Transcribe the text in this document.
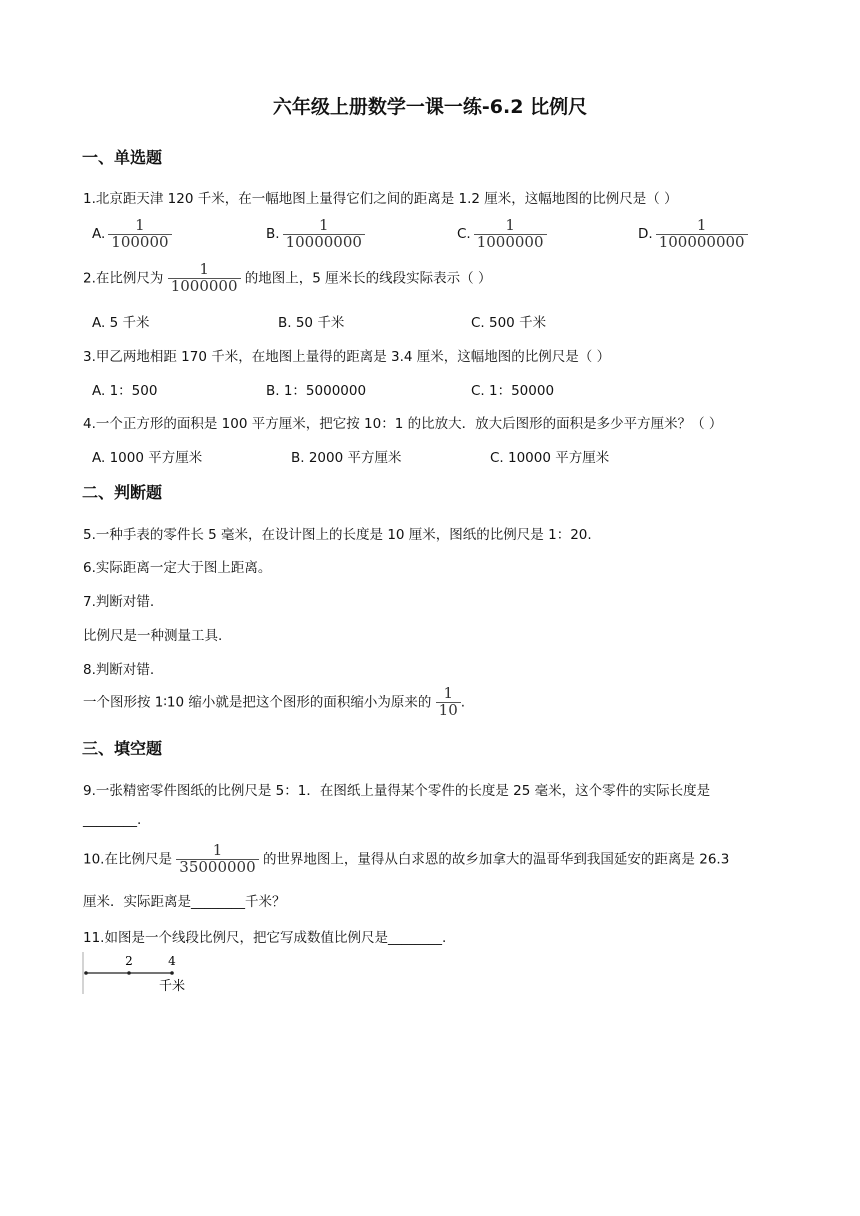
六年级上册数学一课一练-6.2 比例尺
一、单选题
1.北京距天津 120 千米，在一幅地图上量得它们之间的距离是 1.2 厘米，这幅地图的比例尺是（ ）
A. $\frac{1}{100000}$	B. $\frac{1}{10000000}$	C. $\frac{1}{1000000}$	D. $\frac{1}{100000000}$
2.在比例尺为 $\frac{1}{1000000}$ 的地图上，5 厘米长的线段实际表示（ ）
A. 5 千米	B. 50 千米	C. 500 千米
3.甲乙两地相距 170 千米，在地图上量得的距离是 3.4 厘米，这幅地图的比例尺是（ ）
A. 1：500	B. 1：5000000	C. 1：50000
4.一个正方形的面积是 100 平方厘米，把它按 10：1 的比放大．放大后图形的面积是多少平方厘米？（ ）
A. 1000 平方厘米	B. 2000 平方厘米	C. 10000 平方厘米
二、判断题
5.一种手表的零件长 5 毫米，在设计图上的长度是 10 厘米，图纸的比例尺是 1：20.
6.实际距离一定大于图上距离。
7.判断对错.
比例尺是一种测量工具.
8.判断对错.
一个图形按 1∶10 缩小就是把这个图形的面积缩小为原来的 $\frac{1}{10}$ .
三、填空题
9.一张精密零件图纸的比例尺是 5：1．在图纸上量得某个零件的长度是 25 毫米，这个零件的实际长度是
________.
10.在比例尺是 $\frac{1}{35000000}$ 的世界地图上，量得从白求恩的故乡加拿大的温哥华到我国延安的距离是 26.3
厘米．实际距离是________千米？
11.如图是一个线段比例尺，把它写成数值比例尺是________.
2	4
千米
